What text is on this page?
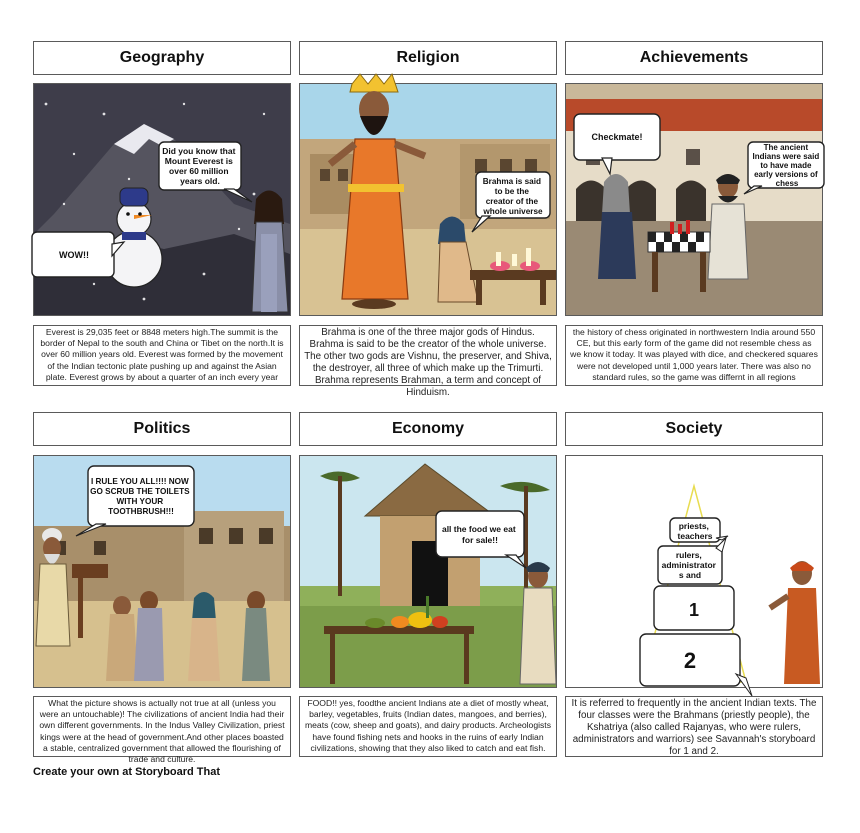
Geography	Religion	Achievements
Did you know that Mount Everest is over 60 million years old.
WOW!!
Brahma is said to be the creator of the whole universe
Checkmate!
The ancient Indians were said to have made early versions of chess
Everest is 29,035 feet or 8848 meters high.The summit is the border of Nepal to the south and China or Tibet on the north.It is over 60 million years old. Everest was formed by the movement of the Indian tectonic plate pushing up and against the Asian plate. Everest grows by about a quarter of an inch every year
Brahma is one of the three major gods of Hindus. Brahma is said to be the creator of the whole universe. The other two gods are Vishnu, the preserver, and Shiva, the destroyer, all three of which make up the Trimurti. Brahma represents Brahman, a term and concept of Hinduism.
the history of chess originated in northwestern India around 550 CE, but this early form of the game did not resemble chess as we know it today. It was played with dice, and checkered squares were not developed until 1,000 years later. There was also no standard rules, so the game was differnt in all regions
Politics	Economy	Society
I RULE YOU ALL!!!! NOW GO SCRUB THE TOILETS WITH YOUR TOOTHBRUSH!!!
all the food we eat for sale!!
priests, teachers
rulers, administrator s and
1
2
What the picture shows is actually not true at all (unless you were an untouchable)! The civilizations of ancient India had their own different governments. In the Indus Valley Civilization, priest kings were at the head of government.And other places boasted a stable, centralized government that allowed the flourishing of trade and culture.
FOOD!! yes, foodthe ancient Indians ate a diet of mostly wheat, barley, vegetables, fruits (Indian dates, mangoes, and berries), meats (cow, sheep and goats), and dairy products. Archeologists have found fishing nets and hooks in the ruins of early Indian civilizations, showing that they also liked to catch and eat fish.
It is referred to frequently in the ancient Indian texts. The four classes were the Brahmans (priestly people), the Kshatriya (also called Rajanyas, who were rulers, administrators and warriors) see Savannah's storyboard for 1 and 2.
Create your own at Storyboard That
